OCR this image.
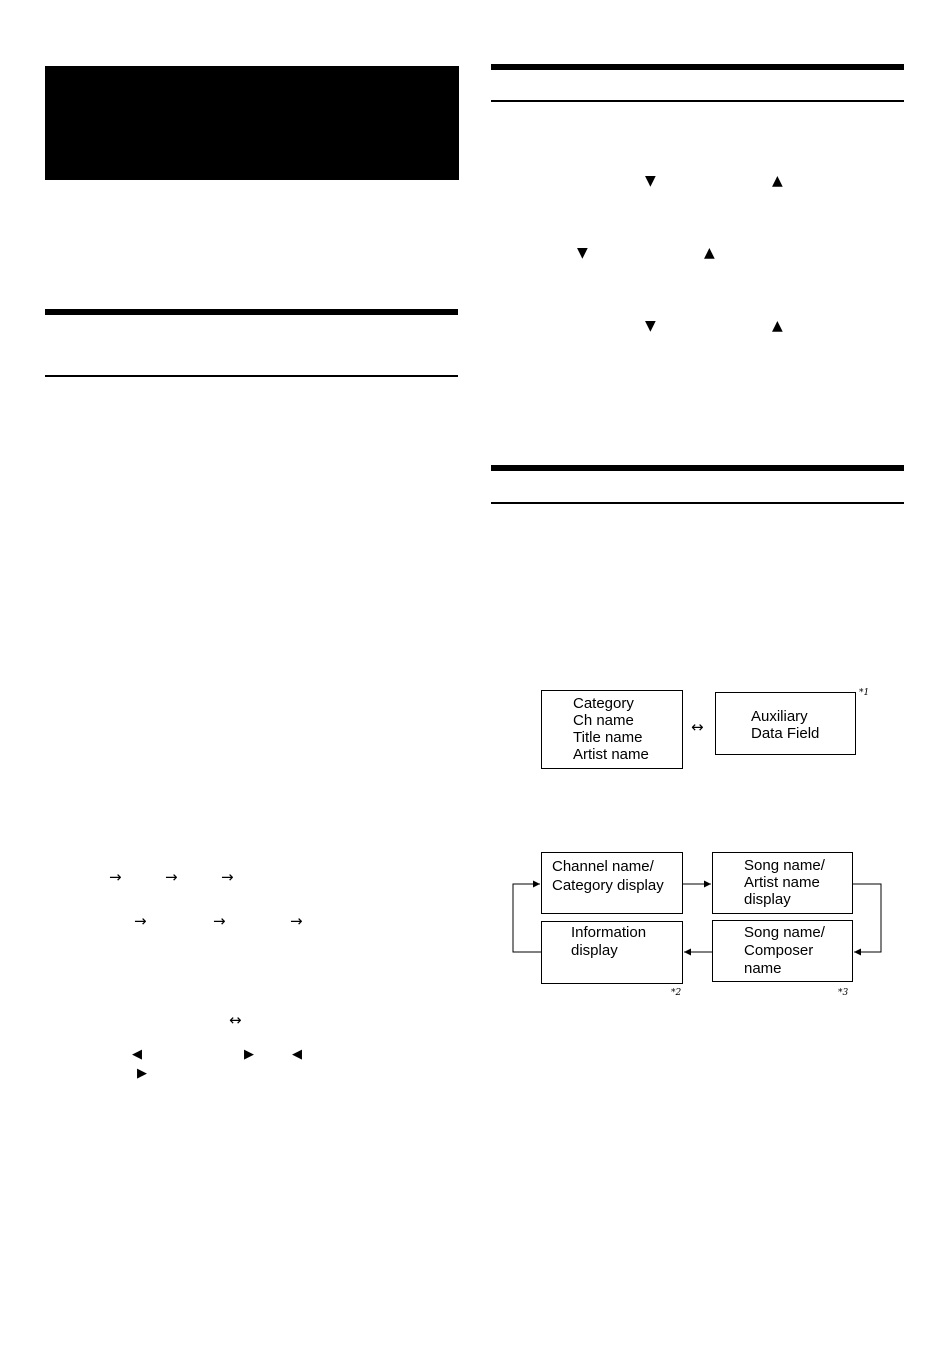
→	→	→
→	→	→
↔
◀	▶	◀
▶
▼	▲
▼	▲
▼	▲
Category
Ch name
Title name
Artist name
↔
Auxiliary
Data Field
*1
Channel name/
Category display
Song name/
Artist name
display
Information
display
Song name/
Composer
name
*2	*3
